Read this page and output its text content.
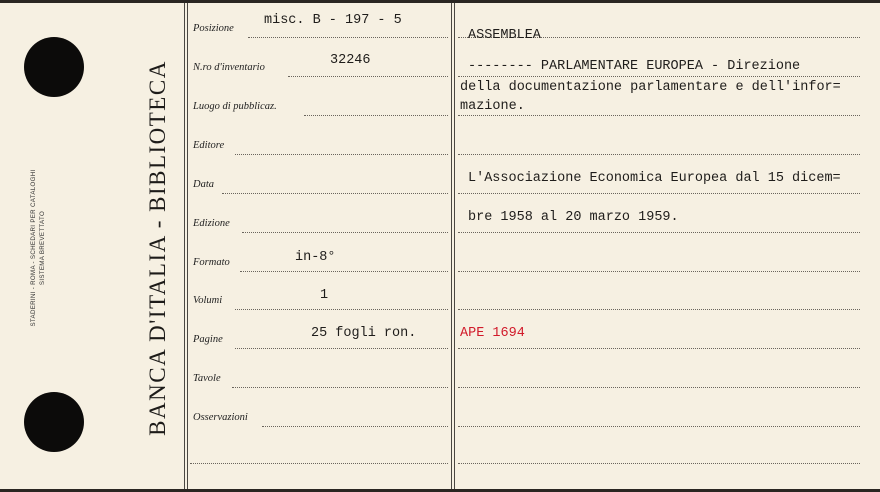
STADERINI - ROMA - SCHEDARI PER CATALOGHI SISTEMA BREVETTATO	BANCA D'ITALIA - BIBLIOTECA
Posizione
N.ro d'inventario
Luogo di pubblicaz.
Editore
Data
Edizione
Formato
Volumi
Pagine
Tavole
Osservazioni
misc. B - 197 - 5
32246
in-8°
1
25 fogli ron.
ASSEMBLEA
-------- PARLAMENTARE EUROPEA - Direzione
della documentazione parlamentare e dell'infor=
mazione.
L'Associazione Economica Europea dal 15 dicem=
bre 1958 al 20 marzo 1959.
APE 1694
